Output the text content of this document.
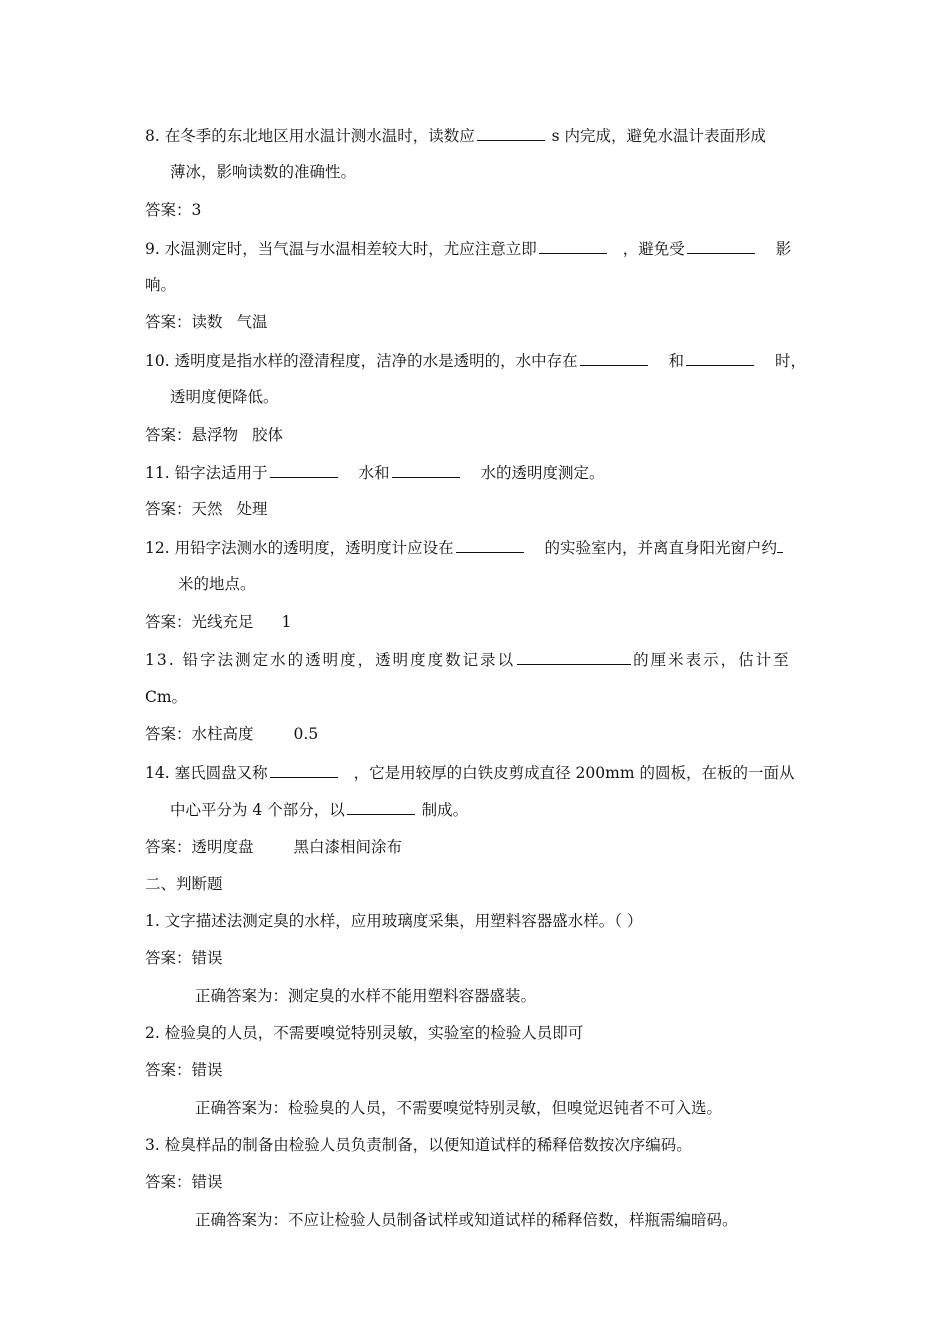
8. 在冬季的东北地区用水温计测水温时，读数应	s 内完成，避免水温计表面形成
薄冰，影响读数的准确性。
答案：3
9. 水温测定时，当气温与水温相差较大时，尤应注意立即	，避免受	影
响。
答案：读数 气温
10. 透明度是指水样的澄清程度，洁净的水是透明的，水中存在	和	时，
透明度便降低。
答案：悬浮物 胶体
11. 铅字法适用于	水和	水的透明度测定。
答案：天然 处理
12. 用铅字法测水的透明度，透明度计应设在	的实验室内，并离直身阳光窗户约
米的地点。
答案：光线充足 1
13. 铅字法测定水的透明度，透明度度数记录以	的厘米表示，估计至
Cm。
答案：水柱高度	0.5
14. 塞氏圆盘又称	，它是用较厚的白铁皮剪成直径 200mm 的圆板，在板的一面从
中心平分为 4 个部分，以	制成。
答案：透明度盘	黑白漆相间涂布
二、判断题
1. 文字描述法测定臭的水样，应用玻璃度采集，用塑料容器盛水样。（ ）
答案：错误
正确答案为：测定臭的水样不能用塑料容器盛装。
2. 检验臭的人员，不需要嗅觉特别灵敏，实验室的检验人员即可
答案：错误
正确答案为：检验臭的人员，不需要嗅觉特别灵敏，但嗅觉迟钝者不可入选。
3. 检臭样品的制备由检验人员负责制备，以便知道试样的稀释倍数按次序编码。
答案：错误
正确答案为：不应让检验人员制备试样或知道试样的稀释倍数，样瓶需编暗码。
